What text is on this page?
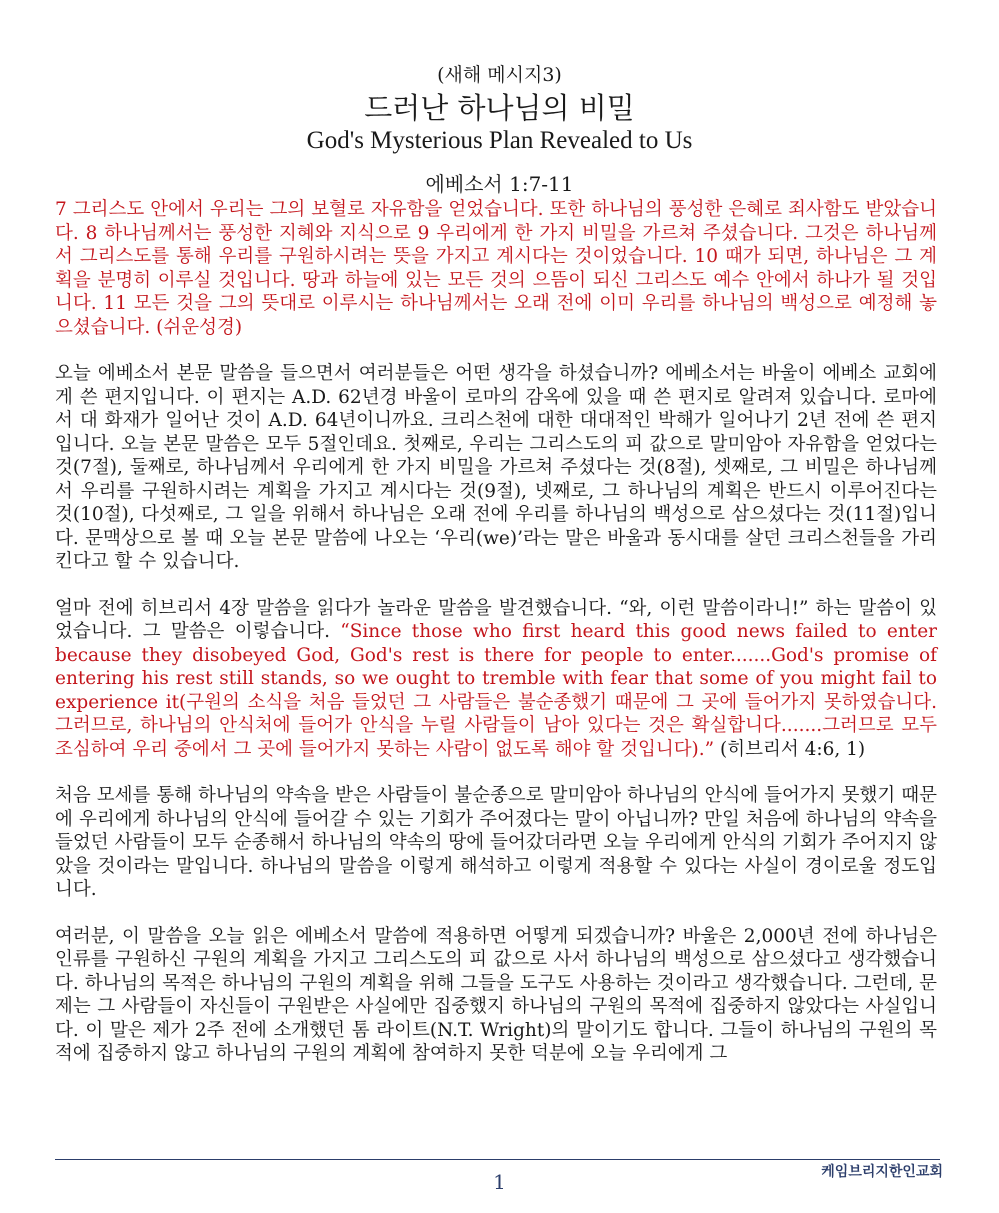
(새해 메시지3)
드러난 하나님의 비밀
God's Mysterious Plan Revealed to Us
에베소서 1:7-11

7 그리스도 안에서 우리는 그의 보혈로 자유함을 얻었습니다. 또한 하나님의 풍성한 은혜로 죄사함도 받았습니다. 8 하나님께서는 풍성한 지혜와 지식으로 9 우리에게 한 가지 비밀을 가르쳐 주셨습니다. 그것은 하나님께서 그리스도를 통해 우리를 구원하시려는 뜻을 가지고 계시다는 것이었습니다. 10 때가 되면, 하나님은 그 계획을 분명히 이루실 것입니다. 땅과 하늘에 있는 모든 것의 으뜸이 되신 그리스도 예수 안에서 하나가 될 것입니다. 11 모든 것을 그의 뜻대로 이루시는 하나님께서는 오래 전에 이미 우리를 하나님의 백성으로 예정해 놓으셨습니다. (쉬운성경)

오늘 에베소서 본문 말씀을 들으면서 여러분들은 어떤 생각을 하셨습니까? 에베소서는 바울이 에베소 교회에게 쓴 편지입니다. 이 편지는 A.D. 62년경 바울이 로마의 감옥에 있을 때 쓴 편지로 알려져 있습니다. 로마에서 대 화재가 일어난 것이 A.D. 64년이니까요. 크리스천에 대한 대대적인 박해가 일어나기 2년 전에 쓴 편지입니다. 오늘 본문 말씀은 모두 5절인데요. 첫째로, 우리는 그리스도의 피 값으로 말미암아 자유함을 얻었다는 것(7절), 둘째로, 하나님께서 우리에게 한 가지 비밀을 가르쳐 주셨다는 것(8절), 셋째로, 그 비밀은 하나님께서 우리를 구원하시려는 계획을 가지고 계시다는 것(9절), 넷째로, 그 하나님의 계획은 반드시 이루어진다는 것(10절), 다섯째로, 그 일을 위해서 하나님은 오래 전에 우리를 하나님의 백성으로 삼으셨다는 것(11절)입니다. 문맥상으로 볼 때 오늘 본문 말씀에 나오는 ‘우리(we)’라는 말은 바울과 동시대를 살던 크리스천들을 가리킨다고 할 수 있습니다.

얼마 전에 히브리서 4장 말씀을 읽다가 놀라운 말씀을 발견했습니다. “와, 이런 말씀이라니!” 하는 말씀이 있었습니다. 그 말씀은 이렇습니다. “Since those who first heard this good news failed to enter because they disobeyed God, God's rest is there for people to enter.......God's promise of entering his rest still stands, so we ought to tremble with fear that some of you might fail to experience it(구원의 소식을 처음 들었던 그 사람들은 불순종했기 때문에 그 곳에 들어가지 못하였습니다. 그러므로, 하나님의 안식처에 들어가 안식을 누릴 사람들이 남아 있다는 것은 확실합니다.......그러므로 모두 조심하여 우리 중에서 그 곳에 들어가지 못하는 사람이 없도록 해야 할 것입니다).” (히브리서 4:6, 1)

처음 모세를 통해 하나님의 약속을 받은 사람들이 불순종으로 말미암아 하나님의 안식에 들어가지 못했기 때문에 우리에게 하나님의 안식에 들어갈 수 있는 기회가 주어졌다는 말이 아닙니까? 만일 처음에 하나님의 약속을 들었던 사람들이 모두 순종해서 하나님의 약속의 땅에 들어갔더라면 오늘 우리에게 안식의 기회가 주어지지 않았을 것이라는 말입니다. 하나님의 말씀을 이렇게 해석하고 이렇게 적용할 수 있다는 사실이 경이로울 정도입니다.

여러분, 이 말씀을 오늘 읽은 에베소서 말씀에 적용하면 어떻게 되겠습니까? 바울은 2,000년 전에 하나님은 인류를 구원하신 구원의 계획을 가지고 그리스도의 피 값으로 사서 하나님의 백성으로 삼으셨다고 생각했습니다. 하나님의 목적은 하나님의 구원의 계획을 위해 그들을 도구도 사용하는 것이라고 생각했습니다. 그런데, 문제는 그 사람들이 자신들이 구원받은 사실에만 집중했지 하나님의 구원의 목적에 집중하지 않았다는 사실입니다. 이 말은 제가 2주 전에 소개했던 톰 라이트(N.T. Wright)의 말이기도 합니다. 그들이 하나님의 구원의 목적에 집중하지 않고 하나님의 구원의 계획에 참여하지 못한 덕분에 오늘 우리에게 그

케임브리지한인교회
1
